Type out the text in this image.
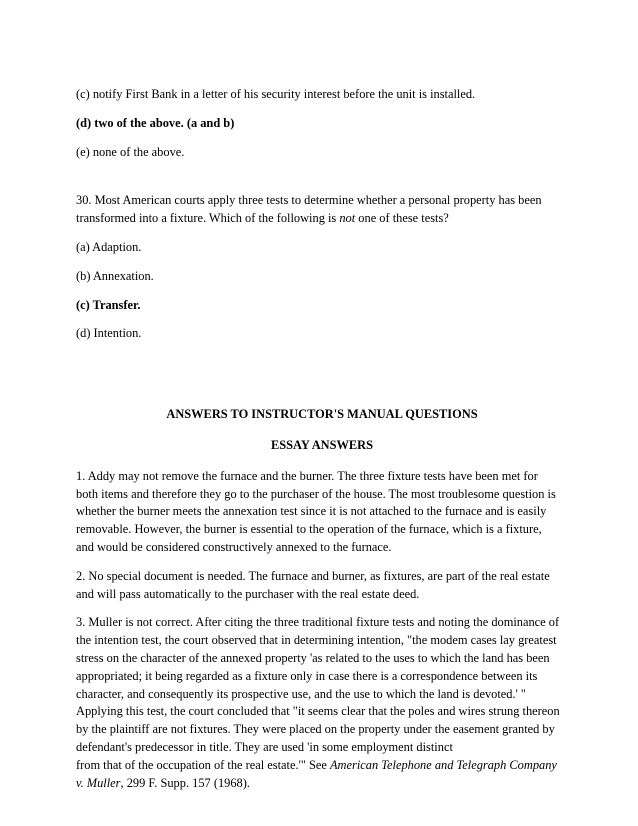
(c) notify First Bank in a letter of his security interest before the unit is installed.

(d) two of the above. (a and b)

(e) none of the above.

30. Most American courts apply three tests to determine whether a personal property has been
transformed into a fixture. Which of the following is not one of these tests?

(a) Adaption.

(b) Annexation.

(c) Transfer.

(d) Intention.

ANSWERS TO INSTRUCTOR'S MANUAL QUESTIONS

ESSAY ANSWERS

1. Addy may not remove the furnace and the burner. The three fixture tests have been met for
both items and therefore they go to the purchaser of the house. The most troublesome question is
whether the burner meets the annexation test since it is not attached to the furnace and is easily
removable. However, the burner is essential to the operation of the furnace, which is a fixture,
and would be considered constructively annexed to the furnace.

2. No special document is needed. The furnace and burner, as fixtures, are part of the real estate
and will pass automatically to the purchaser with the real estate deed.

3. Muller is not correct. After citing the three traditional fixture tests and noting the dominance of
the intention test, the court observed that in determining intention, "the modem cases lay greatest
stress on the character of the annexed property 'as related to the uses to which the land has been
appropriated; it being regarded as a fixture only in case there is a correspondence between its
character, and consequently its prospective use, and the use to which the land is devoted.' "
Applying this test, the court concluded that "it seems clear that the poles and wires strung thereon
by the plaintiff are not fixtures. They were placed on the property under the easement granted by
defendant's predecessor in title. They are used 'in some employment distinct
from that of the occupation of the real estate.'" See American Telephone and Telegraph Company
v. Muller, 299 F. Supp. 157 (1968).
